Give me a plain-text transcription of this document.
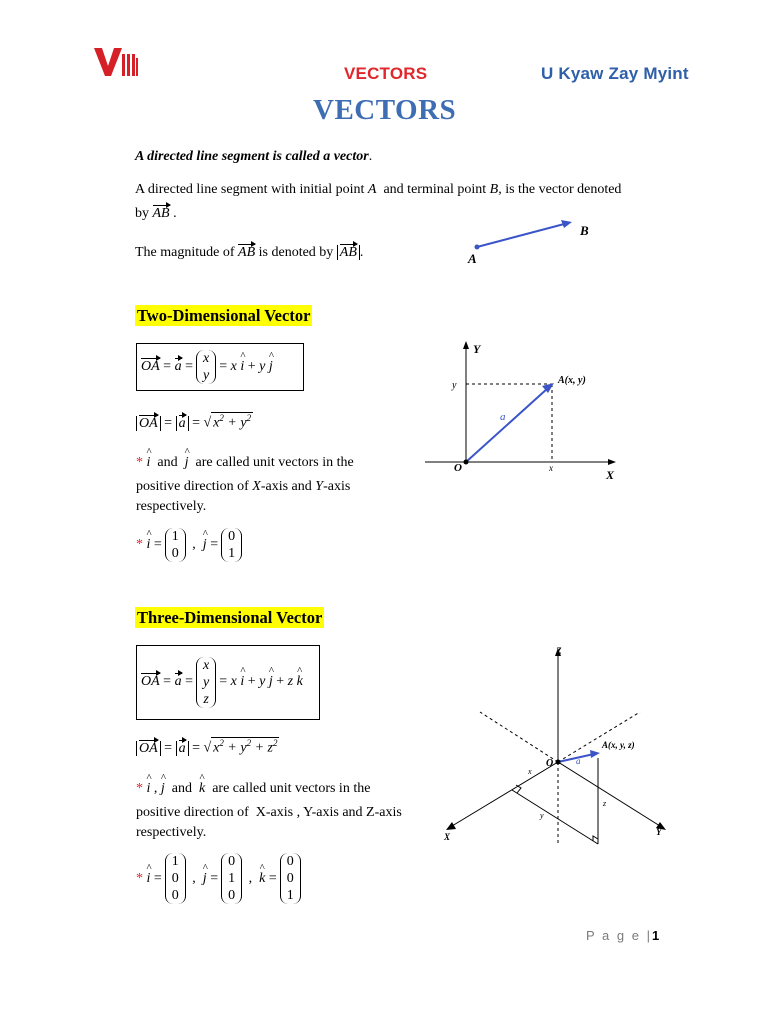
VECTORS	U Kyaw Zay Myint
VECTORS
A directed line segment is called a vector.
A directed line segment with initial point A and terminal point B, is the vector denoted
by AB .
The magnitude of AB is denoted by AB .	A
B
Two-Dimensional Vector
OA = a =
x
y
= x
^ i + y
^ j
OA = a = √ $x^2 + y^2$
* ^ i and ^ j are called unit vectors in the
positive direction of X-axis and Y-axis
respectively.
*
^ i =
1
0
, ^ j =
0
1
Y
X
O
y
x
A(x, y)
a
Three-Dimensional Vector
OA = a =
x
y
z
= x
^ i + y
^ j + z
^ k
OA = a = √ $x^2 + y^2 + z^2$
* ^ i , ^ j and ^ k are called unit vectors in the
positive direction of X-axis , Y-axis and Z-axis
respectively.
*
^ i =
1
0
0
, ^ j =
0
1
0
, ^ k =
0
0
1
Z
X	Y
O
A(x, y, z)
a
x
y
z
P a g e |1
